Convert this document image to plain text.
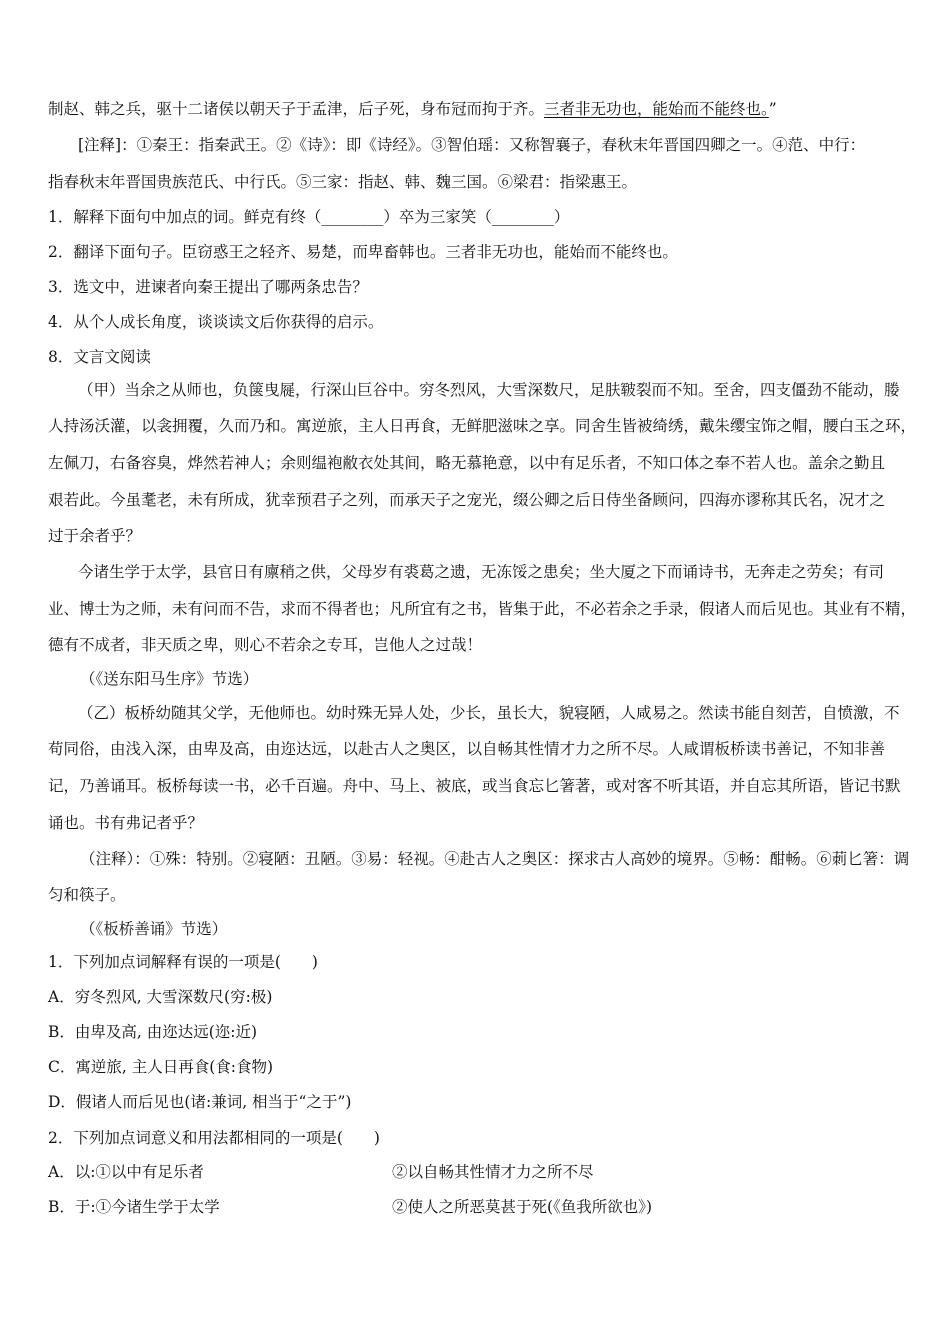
制赵、韩之兵，驱十二诸侯以朝天子于孟津，后子死，身布冠而拘于齐。三者非无功也，能始而不能终也。”
[注释]：①秦王：指秦武王。②《诗》：即《诗经》。③智伯瑶：又称智襄子，春秋末年晋国四卿之一。④范、中行：
指春秋末年晋国贵族范氏、中行氏。⑤三家：指赵、韩、魏三国。⑥梁君：指梁惠王。
1．解释下面句中加点的词。鲜克有终（________）卒为三家笑（________）
2．翻译下面句子。臣窃惑王之轻齐、易楚，而卑畜韩也。三者非无功也，能始而不能终也。
3．选文中，进谏者向秦王提出了哪两条忠告？
4．从个人成长角度，谈谈读文后你获得的启示。
8．文言文阅读
（甲）当余之从师也，负箧曳屣，行深山巨谷中。穷冬烈风，大雪深数尺，足肤皲裂而不知。至舍，四支僵劲不能动，媵
人持汤沃灌，以衾拥覆，久而乃和。寓逆旅，主人日再食，无鲜肥滋味之享。同舍生皆被绮绣，戴朱缨宝饰之帽，腰白玉之环，
左佩刀，右备容臭，烨然若神人；余则缊袍敝衣处其间，略无慕艳意，以中有足乐者，不知口体之奉不若人也。盖余之勤且
艰若此。今虽耄老，未有所成，犹幸预君子之列，而承天子之宠光，缀公卿之后日侍坐备顾问，四海亦谬称其氏名，况才之
过于余者乎？
今诸生学于太学，县官日有廪稍之供，父母岁有裘葛之遗，无冻馁之患矣；坐大厦之下而诵诗书，无奔走之劳矣；有司
业、博士为之师，未有问而不告，求而不得者也；凡所宜有之书，皆集于此，不必若余之手录，假诸人而后见也。其业有不精，
德有不成者，非天质之卑，则心不若余之专耳，岂他人之过哉！
（《送东阳马生序》节选）
（乙）板桥幼随其父学，无他师也。幼时殊无异人处，少长，虽长大，貌寝陋，人咸易之。然读书能自刻苦，自愤激，不
苟同俗，由浅入深，由卑及高，由迩达远，以赴古人之奥区，以自畅其性情才力之所不尽。人咸谓板桥读书善记，不知非善
记，乃善诵耳。板桥每读一书，必千百遍。舟中、马上、被底，或当食忘匕箸著，或对客不听其语，并自忘其所语，皆记书默
诵也。书有弗记者乎？
（注释）：①殊：特别。②寝陋：丑陋。③易：轻视。④赴古人之奥区：探求古人高妙的境界。⑤畅：酣畅。⑥莿匕箸：调
匀和筷子。
（《板桥善诵》节选）
1．下列加点词解释有误的一项是(　　)
A．穷冬烈风, 大雪深数尺(穷:极)
B．由卑及高, 由迩达远(迩:近)
C．寓逆旅, 主人日再食(食:食物)
D．假诸人而后见也(诸:兼词, 相当于“之于”)
2．下列加点词意义和用法都相同的一项是(　　)
A．以:①以中有足乐者	②以自畅其性情才力之所不尽
B．于:①今诸生学于太学	②使人之所恶莫甚于死(《鱼我所欲也》)
